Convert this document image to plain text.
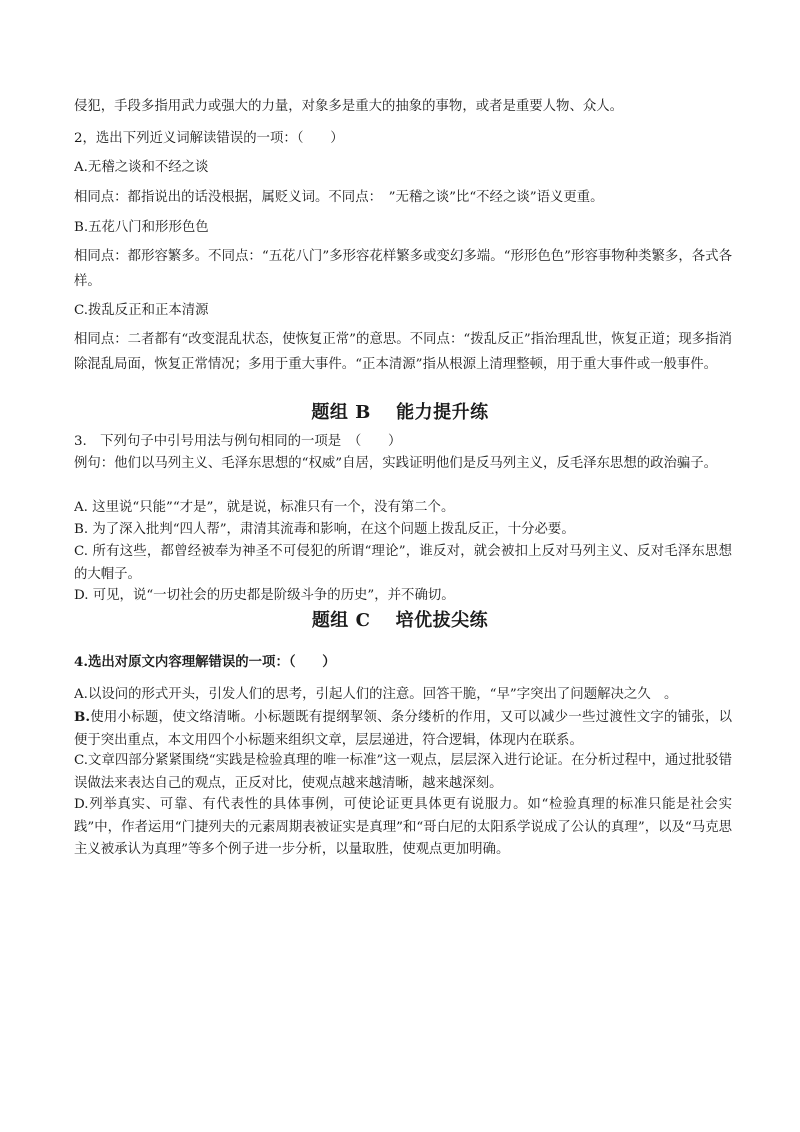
侵犯，手段多指用武力或强大的力量，对象多是重大的抽象的事物，或者是重要人物、众人。
2，选出下列近义词解读错误的一项：（　　）
A.无稽之谈和不经之谈
相同点：都指说出的话没根据，属贬义词。不同点：　”无稽之谈”比“不经之谈”语义更重。
B.五花八门和形形色色
相同点：都形容繁多。不同点：“五花八门”多形容花样繁多或变幻多端。“形形色色”形容事物种类繁多，各式各样。
C.拨乱反正和正本清源
相同点：二者都有“改变混乱状态，使恢复正常”的意思。不同点：“拨乱反正”指治理乱世，恢复正道；现多指消除混乱局面，恢复正常情况；多用于重大事件。“正本清源”指从根源上清理整顿，用于重大事件或一般事件。
题组 B　 能力提升练
3.　下列句子中引号用法与例句相同的一项是　（　　）
例句：他们以马列主义、毛泽东思想的“权威”自居，实践证明他们是反马列主义，反毛泽东思想的政治骗子。
A. 这里说“只能”“才是”，就是说，标准只有一个，没有第二个。
B. 为了深入批判“四人帮”，肃清其流毒和影响，在这个问题上拨乱反正，十分必要。
C. 所有这些，都曾经被奉为神圣不可侵犯的所谓“理论”，谁反对，就会被扣上反对马列主义、反对毛泽东思想的大帽子。
D. 可见，说“一切社会的历史都是阶级斗争的历史”，并不确切。
题组 C　 培优拔尖练
4.选出对原文内容理解错误的一项：（　　）
A.以设问的形式开头，引发人们的思考，引起人们的注意。回答干脆，“早”字突出了问题解决之久　。
B.使用小标题，使文络清晰。小标题既有提纲挈领、条分缕析的作用，又可以减少一些过渡性文字的铺张，以便于突出重点，本文用四个小标题来组织文章，层层递进，符合逻辑，体现内在联系。
C.文章四部分紧紧围绕“实践是检验真理的唯一标准”这一观点，层层深入进行论证。在分析过程中，通过批驳错误做法来表达自己的观点，正反对比，使观点越来越清晰，越来越深刻。
D.列举真实、可靠、有代表性的具体事例，可使论证更具体更有说服力。如“检验真理的标准只能是社会实践”中，作者运用“门捷列夫的元素周期表被证实是真理”和“哥白尼的太阳系学说成了公认的真理”，以及“马克思主义被承认为真理”等多个例子进一步分析，以量取胜，使观点更加明确。
